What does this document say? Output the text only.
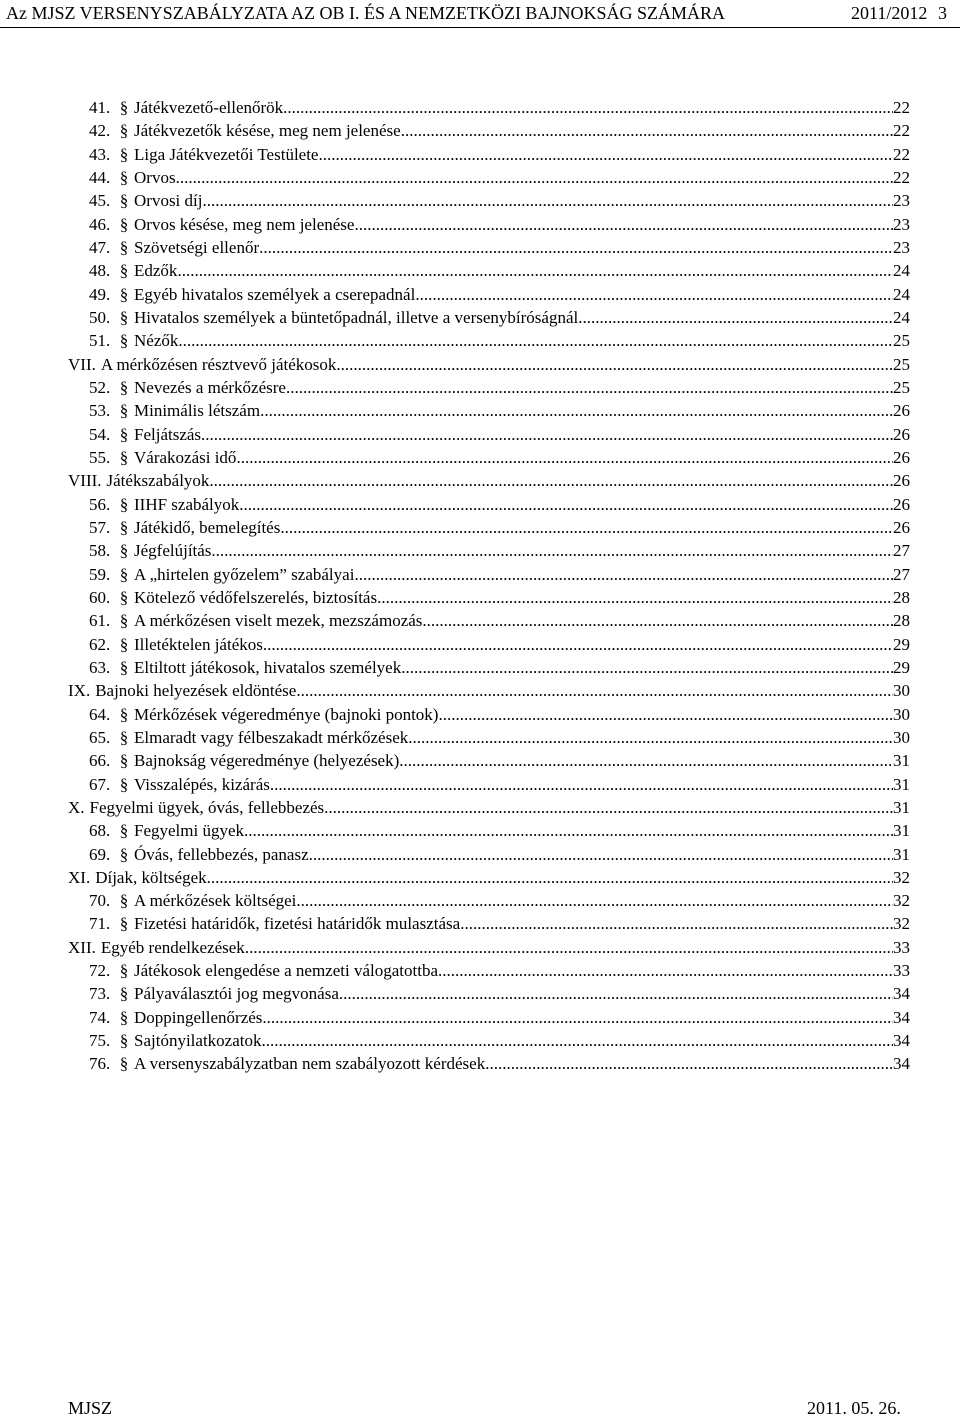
Az MJSZ VERSENYSZABÁLYZATA AZ OB I. ÉS A NEMZETKÖZI BAJNOKSÁG SZÁMÁRA	2011/2012 3
41. § Játékvezető-ellenőrök .....	22
42. § Játékvezetők késése, meg nem jelenése .....	22
43. § Liga Játékvezetői Testülete .....	22
44. § Orvos .....	22
45. § Orvosi díj .....	23
46. § Orvos késése, meg nem jelenése .....	23
47. § Szövetségi ellenőr .....	23
48. § Edzők .....	24
49. § Egyéb hivatalos személyek a cserepadnál .....	24
50. § Hivatalos személyek a büntetőpadnál, illetve a versenybíróságnál .....	24
51. § Nézők .....	25
VII. A mérkőzésen résztvevő játékosok .....	25
52. § Nevezés a mérkőzésre .....	25
53. § Minimális létszám .....	26
54. § Feljátszás .....	26
55. § Várakozási idő .....	26
VIII. Játékszabályok .....	26
56. § IIHF szabályok .....	26
57. § Játékidő, bemelegítés .....	26
58. § Jégfelújítás .....	27
59. § A „hirtelen győzelem” szabályai .....	27
60. § Kötelező védőfelszerelés, biztosítás .....	28
61. § A mérkőzésen viselt mezek, mezszámozás .....	28
62. § Illetéktelen játékos .....	29
63. § Eltiltott játékosok, hivatalos személyek .....	29
IX. Bajnoki helyezések eldöntése .....	30
64. § Mérkőzések végeredménye (bajnoki pontok) .....	30
65. § Elmaradt vagy félbeszakadt mérkőzések .....	30
66. § Bajnokság végeredménye (helyezések) .....	31
67. § Visszalépés, kizárás .....	31
X. Fegyelmi ügyek, óvás, fellebbezés .....	31
68. § Fegyelmi ügyek .....	31
69. § Óvás, fellebbezés, panasz .....	31
XI. Díjak, költségek .....	32
70. § A mérkőzések költségei .....	32
71. § Fizetési határidők, fizetési határidők mulasztása .....	32
XII. Egyéb rendelkezések .....	33
72. § Játékosok elengedése a nemzeti válogatottba .....	33
73. § Pályaválasztói jog megvonása .....	34
74. § Doppingellenőrzés .....	34
75. § Sajtónyilatkozatok .....	34
76. § A versenyszabályzatban nem szabályozott kérdések .....	34
MJSZ	2011. 05. 26.
